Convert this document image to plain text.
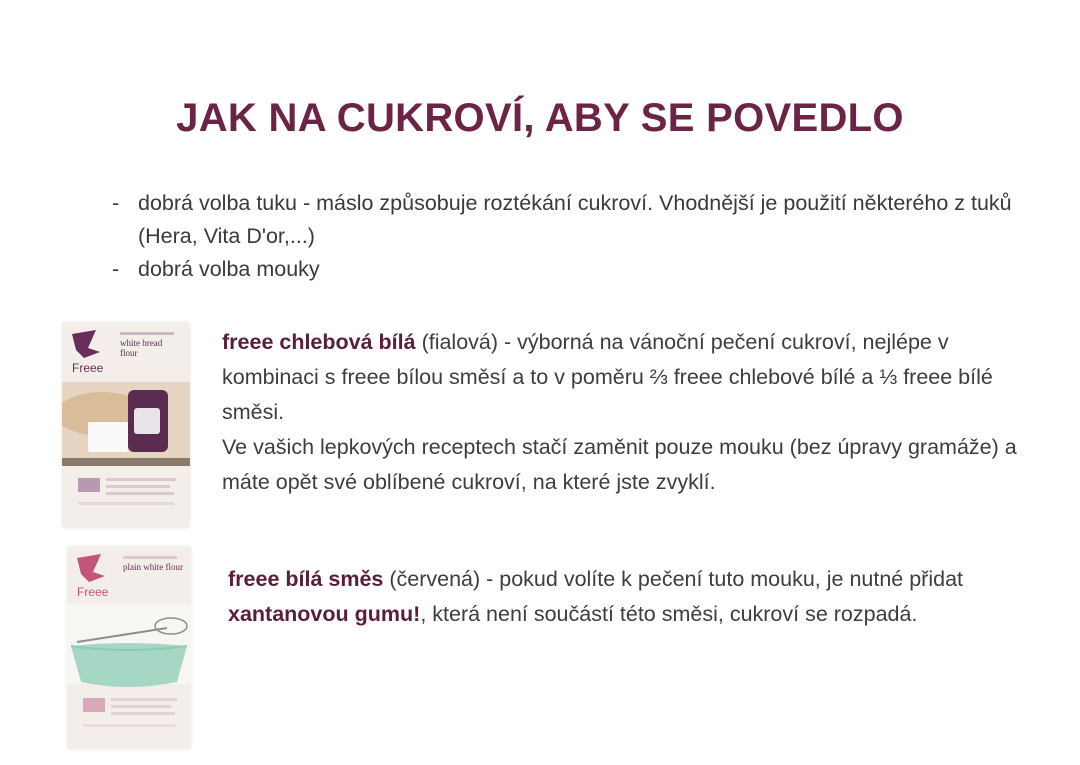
JAK NA CUKROVÍ, ABY SE POVEDLO
- dobrá volba tuku - máslo způsobuje roztékání cukroví. Vhodnější je použití některého z tuků (Hera, Vita D'or,...)
- dobrá volba mouky
Freee
white bread flour	freee chlebová bílá (fialová) - výborná na vánoční pečení cukroví, nejlépe v kombinaci s freee bílou směsí a to v poměru ⅔ freee chlebové bílé a ⅓ freee bílé směsi.
Ve vašich lepkových receptech stačí zaměnit pouze mouku (bez úpravy gramáže) a máte opět své oblíbené cukroví, na které jste zvyklí.
Freee
plain white flour freee bílá směs (červená) - pokud volíte k pečení tuto mouku, je nutné přidat xantanovou gumu!, která není součástí této směsi, cukroví se rozpadá.
